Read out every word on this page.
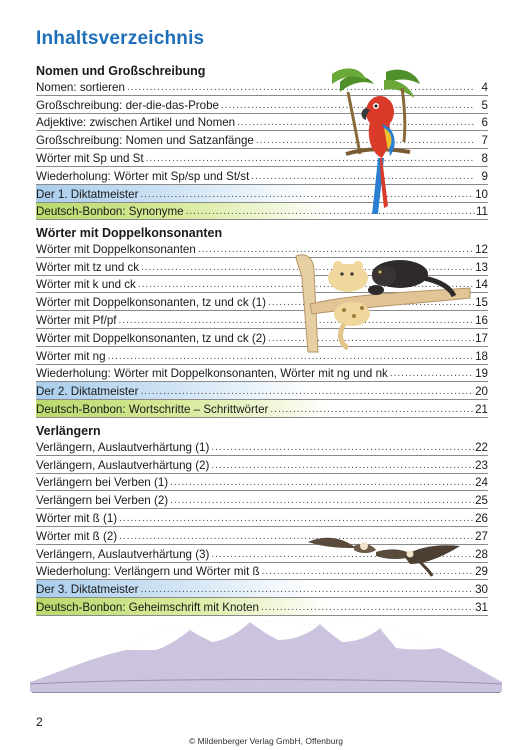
Inhaltsverzeichnis
Nomen und Großschreibung
Nomen: sortieren .....	4
Großschreibung: der-die-das-Probe .....	5
Adjektive: zwischen Artikel und Nomen .....	6
Großschreibung: Nomen und Satzanfänge .....	7
Wörter mit Sp und St .....	8
Wiederholung: Wörter mit Sp/sp und St/st .....	9
Der 1. Diktatmeister .....	10
Deutsch-Bonbon: Synonyme .....	11
Wörter mit Doppelkonsonanten
Wörter mit Doppelkonsonanten .....	12
Wörter mit tz und ck .....	13
Wörter mit k und ck .....	14
Wörter mit Doppelkonsonanten, tz und ck (1) .....	15
Wörter mit Pf/pf .....	16
Wörter mit Doppelkonsonanten, tz und ck (2) .....	17
Wörter mit ng .....	18
Wiederholung: Wörter mit Doppelkonsonanten, Wörter mit ng und nk .....	19
Der 2. Diktatmeister .....	20
Deutsch-Bonbon: Wortschritte – Schrittwörter .....	21
Verlängern
Verlängern, Auslautverhärtung (1) .....	22
Verlängern, Auslautverhärtung (2) .....	23
Verlängern bei Verben (1) .....	24
Verlängern bei Verben (2) .....	25
Wörter mit ß (1) .....	26
Wörter mit ß (2) .....	27
Verlängern, Auslautverhärtung (3) .....	28
Wiederholung: Verlängern und Wörter mit ß .....	29
Der 3. Diktatmeister .....	30
Deutsch-Bonbon: Geheimschrift mit Knoten .....	31
2
© Mildenberger Verlag GmbH, Offenburg
